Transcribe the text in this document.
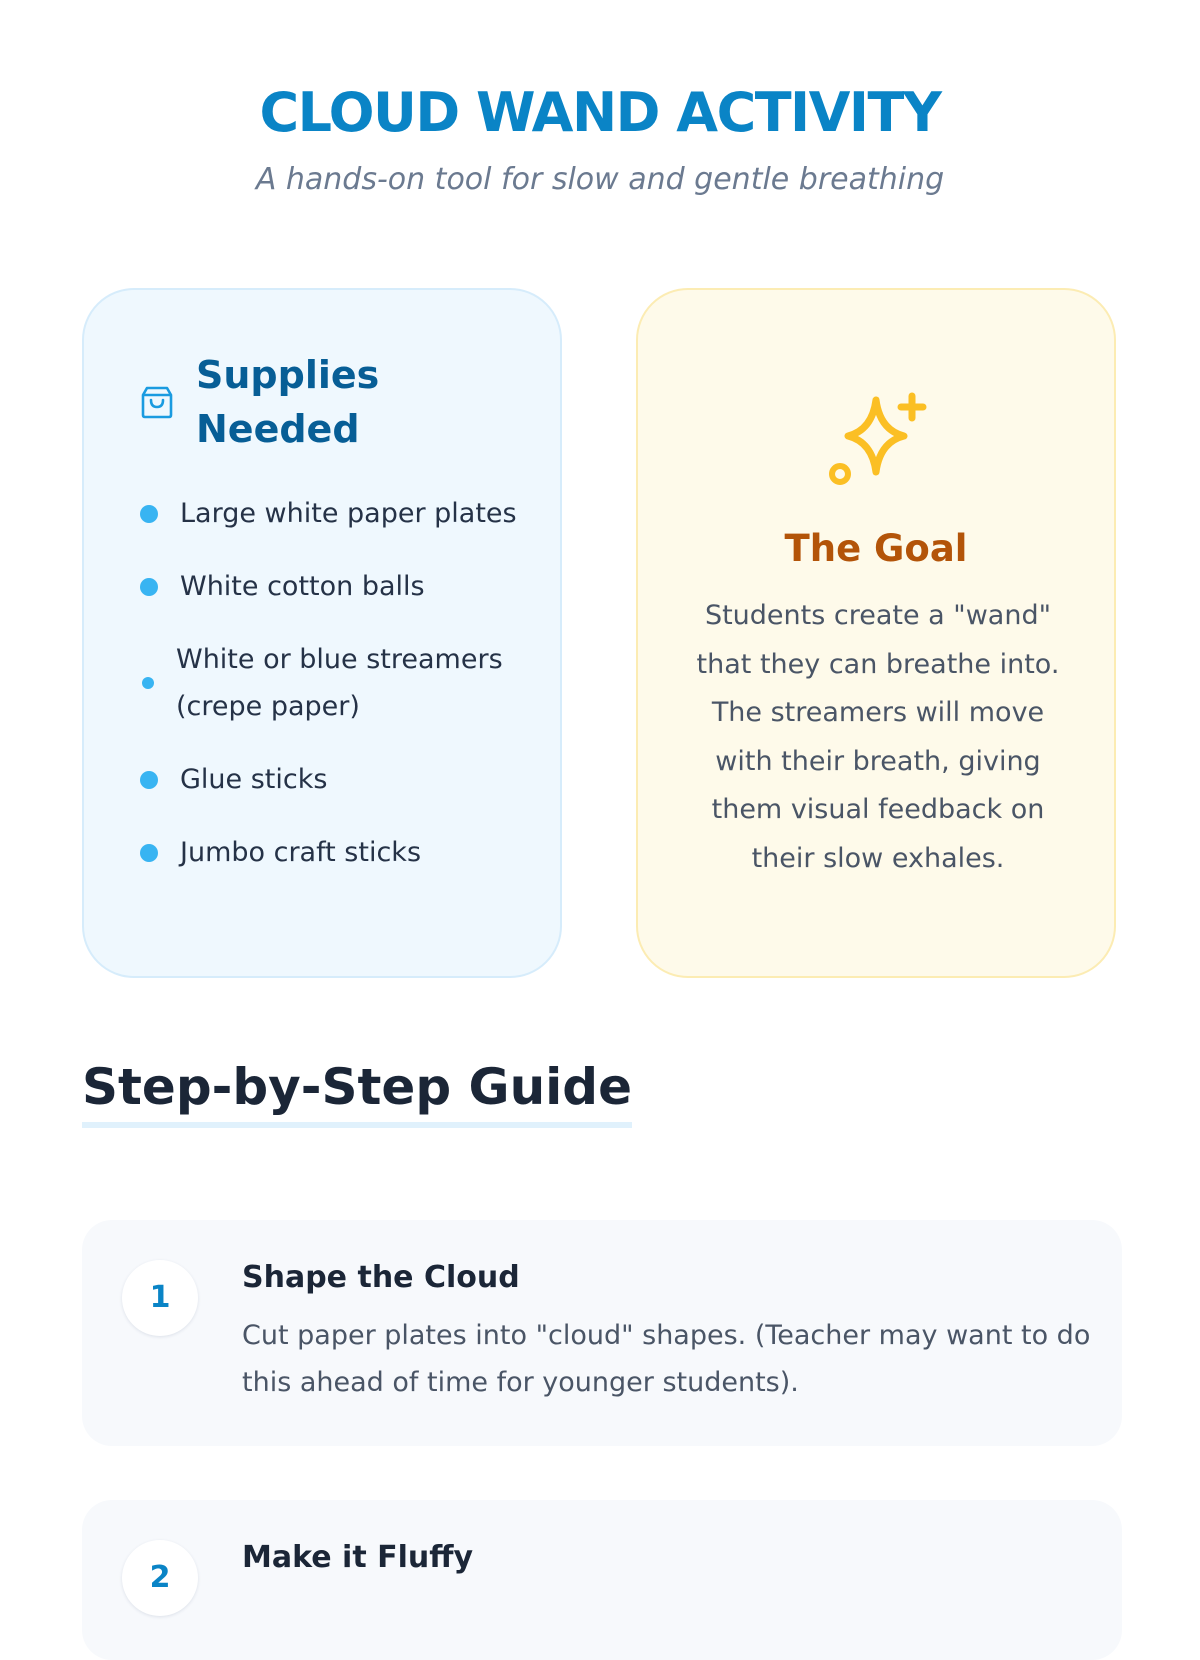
CLOUD WAND ACTIVITY

A hands-on tool for slow and gentle breathing

Supplies Needed
Large white paper plates
White cotton balls
White or blue streamers (crepe paper)
Glue sticks
Jumbo craft sticks
The Goal

Students create a "wand" that they can breathe into. The streamers will move with their breath, giving them visual feedback on their slow exhales.

Step-by-Step Guide
1
Shape the Cloud

Cut paper plates into "cloud" shapes. (Teacher may want to do this ahead of time for younger students).

2
Make it Fluffy
